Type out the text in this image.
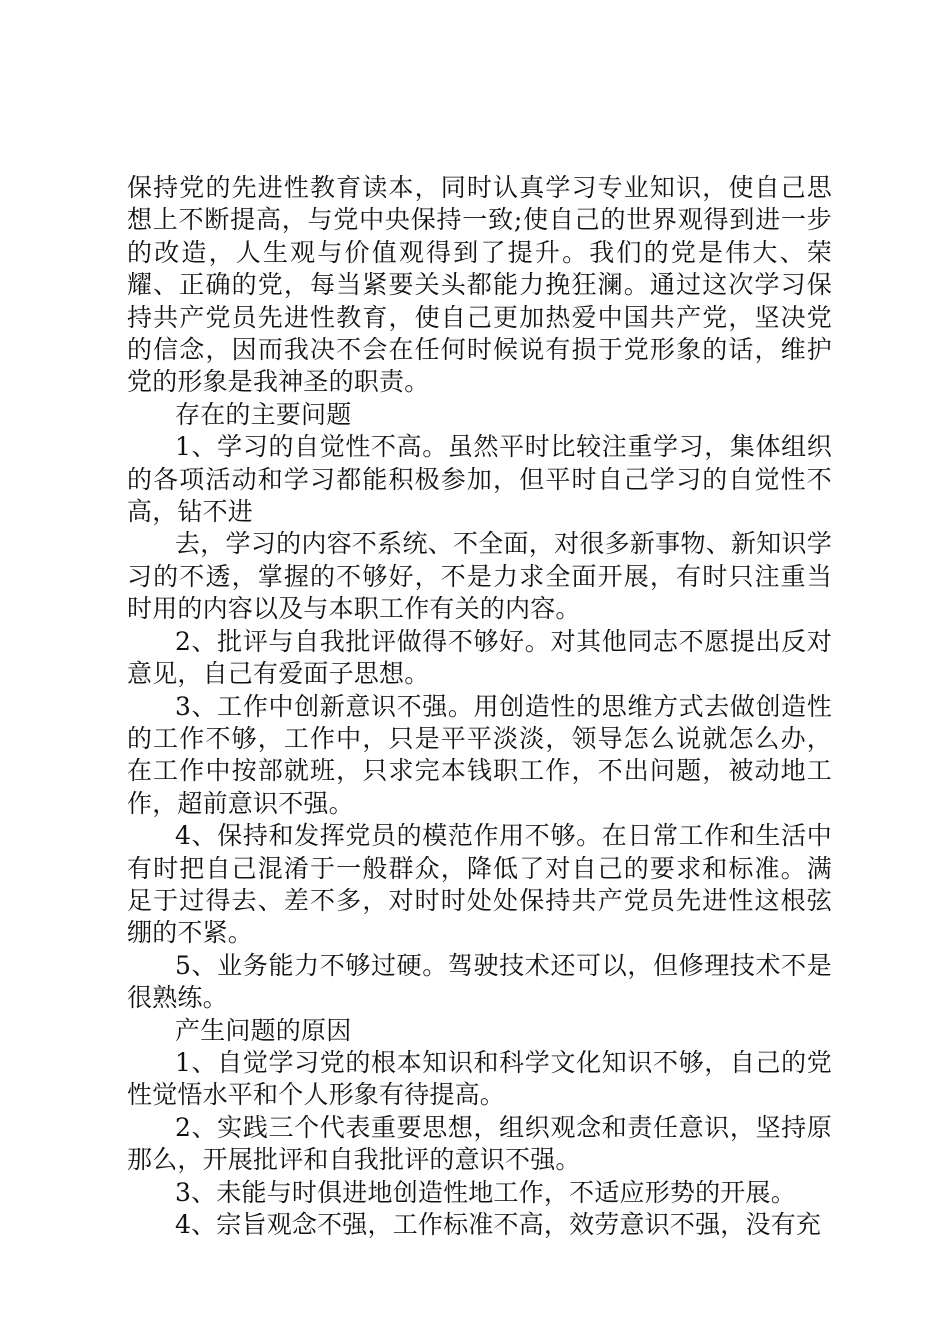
保持党的先进性教育读本，同时认真学习专业知识，使自己思想上不断提高，与党中央保持一致;使自己的世界观得到进一步的改造，人生观与价值观得到了提升。我们的党是伟大、荣耀、正确的党，每当紧要关头都能力挽狂澜。通过这次学习保持共产党员先进性教育，使自己更加热爱中国共产党，坚决党的信念，因而我决不会在任何时候说有损于党形象的话，维护党的形象是我神圣的职责。

存在的主要问题

1、学习的自觉性不高。虽然平时比较注重学习，集体组织的各项活动和学习都能积极参加，但平时自己学习的自觉性不高，钻不进

去，学习的内容不系统、不全面，对很多新事物、新知识学习的不透，掌握的不够好，不是力求全面开展，有时只注重当时用的内容以及与本职工作有关的内容。

2、批评与自我批评做得不够好。对其他同志不愿提出反对意见，自己有爱面子思想。

3、工作中创新意识不强。用创造性的思维方式去做创造性的工作不够，工作中，只是平平淡淡，领导怎么说就怎么办，在工作中按部就班，只求完本钱职工作，不出问题，被动地工作，超前意识不强。

4、保持和发挥党员的模范作用不够。在日常工作和生活中有时把自己混淆于一般群众，降低了对自己的要求和标准。满足于过得去、差不多，对时时处处保持共产党员先进性这根弦绷的不紧。

5、业务能力不够过硬。驾驶技术还可以，但修理技术不是很熟练。

产生问题的原因

1、自觉学习党的根本知识和科学文化知识不够，自己的党性觉悟水平和个人形象有待提高。

2、实践三个代表重要思想，组织观念和责任意识，坚持原那么，开展批评和自我批评的意识不强。

3、未能与时俱进地创造性地工作，不适应形势的开展。

4、宗旨观念不强，工作标准不高，效劳意识不强，没有充
